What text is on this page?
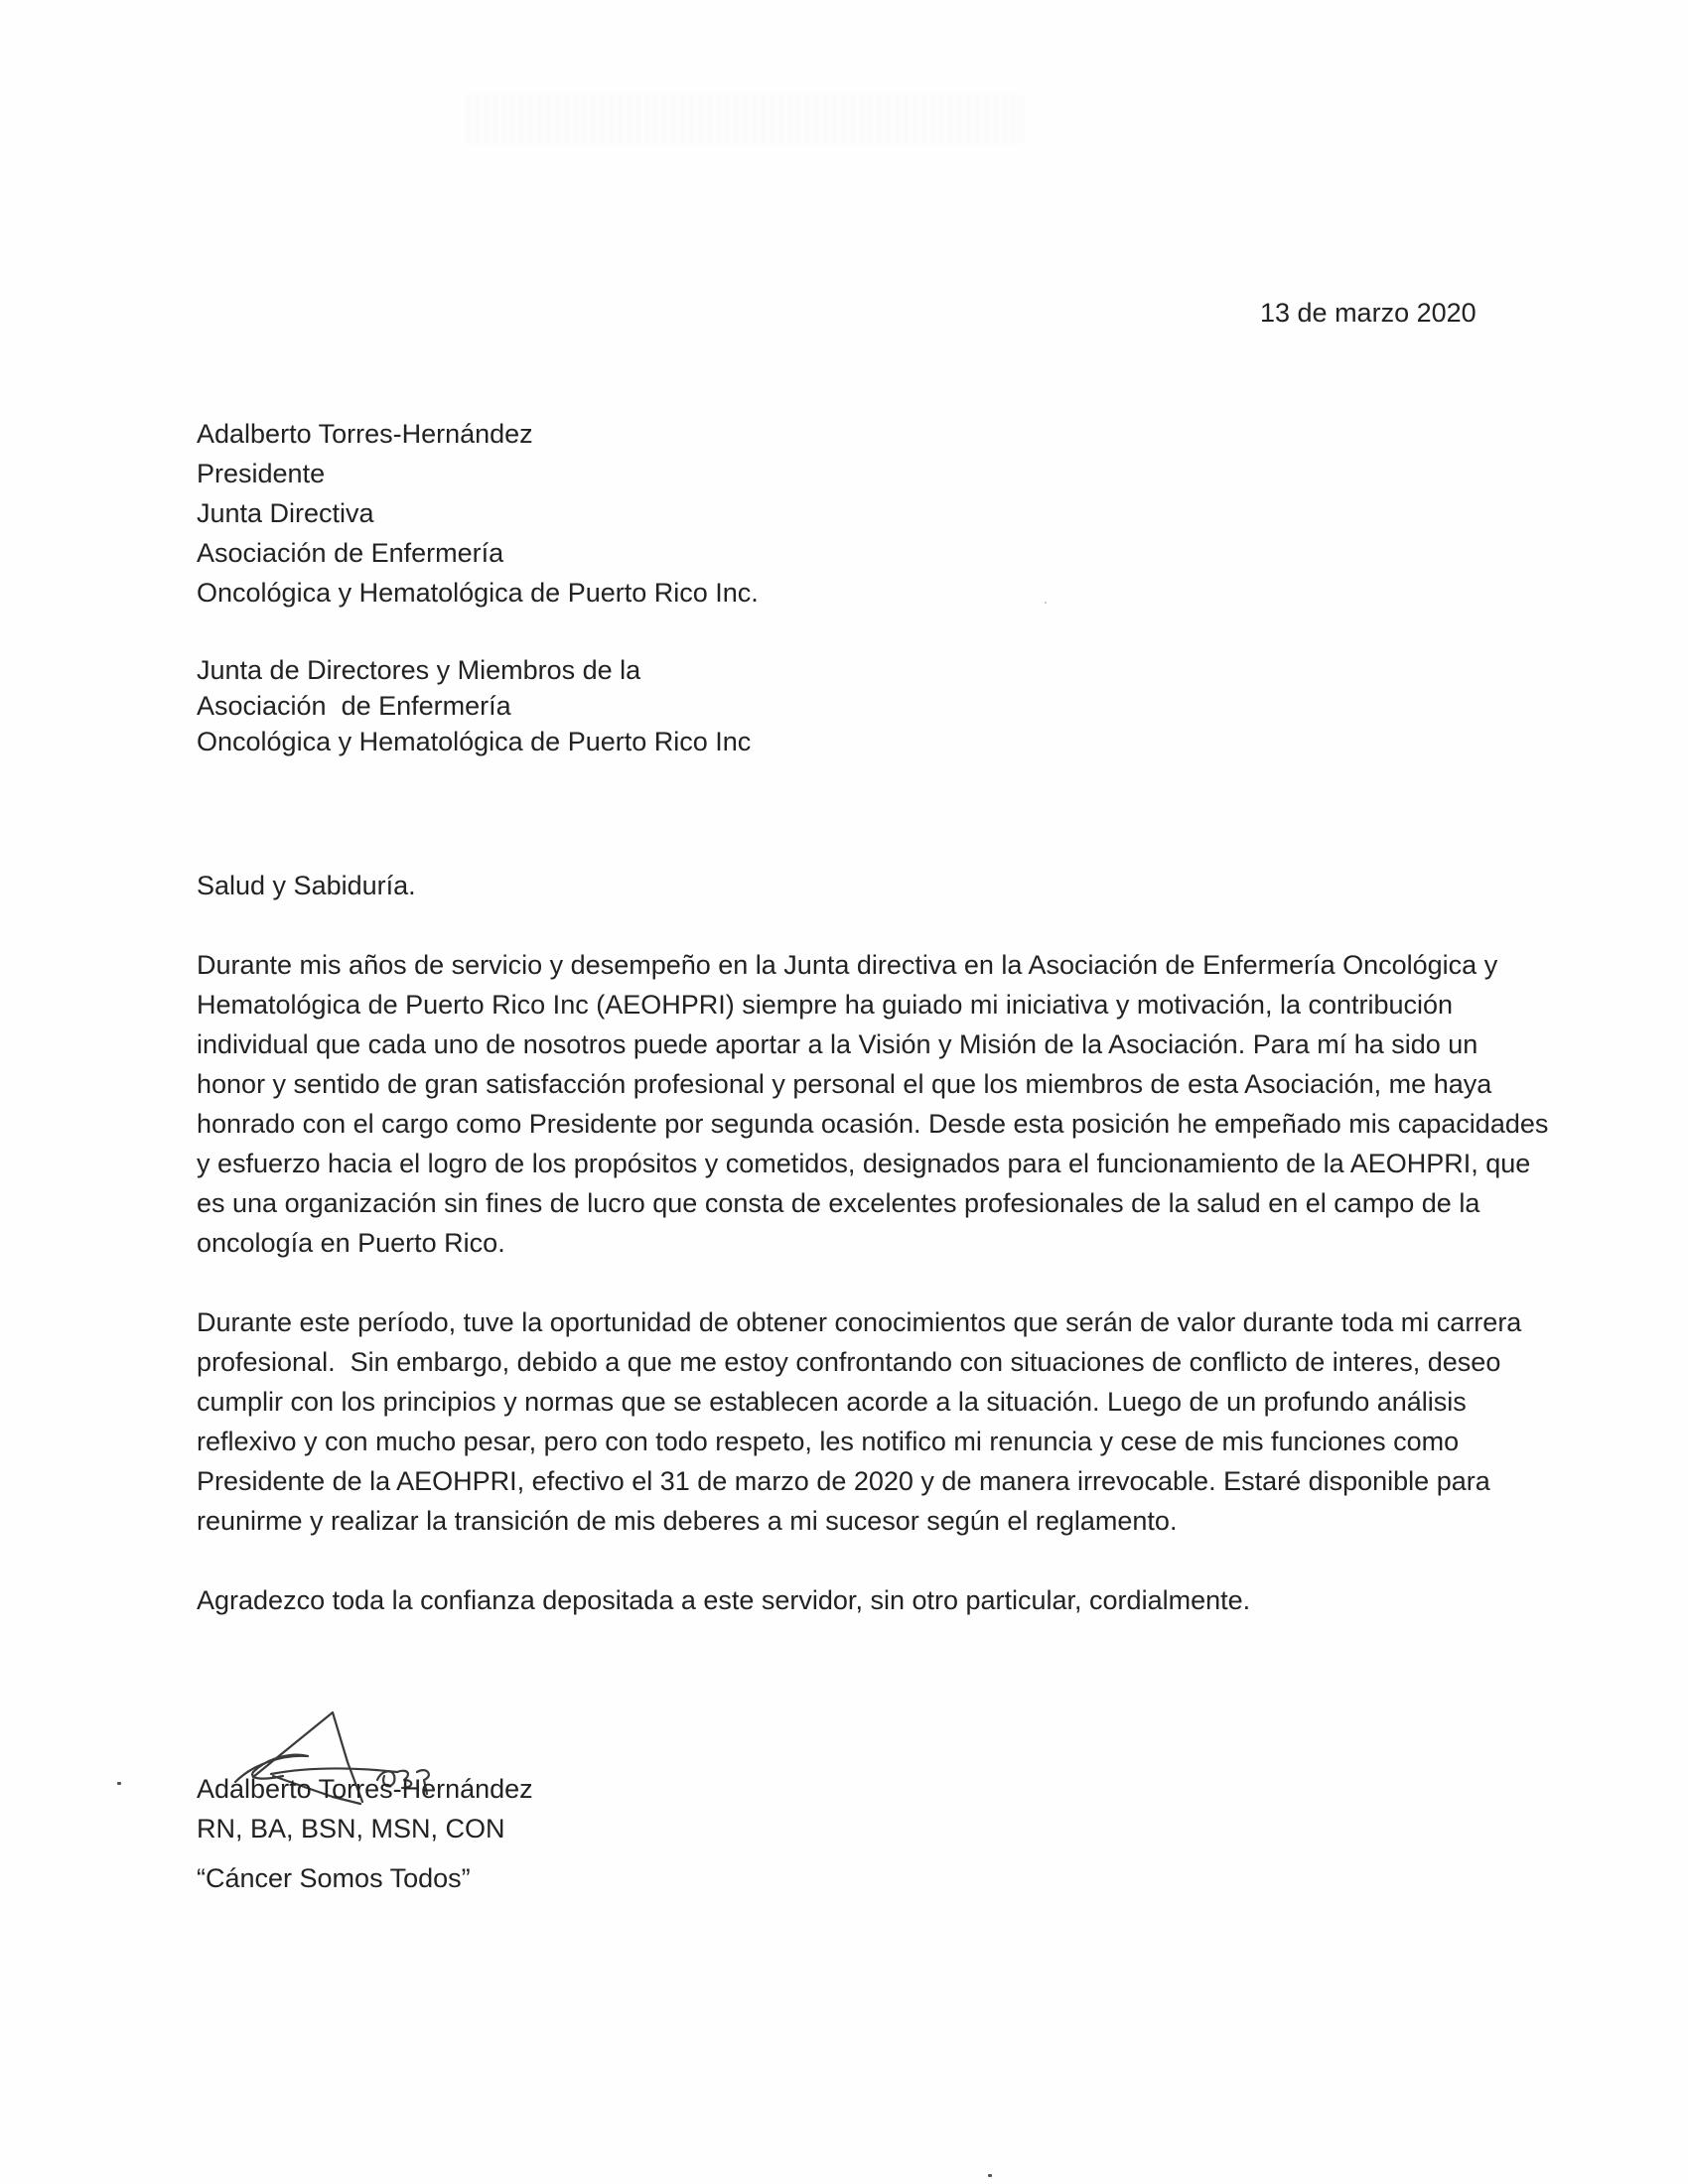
13 de marzo 2020
Adalberto Torres-Hernández
Presidente
Junta Directiva
Asociación de Enfermería
Oncológica y Hematológica de Puerto Rico Inc.
Junta de Directores y Miembros de la
Asociación  de Enfermería
Oncológica y Hematológica de Puerto Rico Inc
Salud y Sabiduría.
Durante mis años de servicio y desempeño en la Junta directiva en la Asociación de Enfermería Oncológica y
Hematológica de Puerto Rico Inc (AEOHPRI) siempre ha guiado mi iniciativa y motivación, la contribución
individual que cada uno de nosotros puede aportar a la Visión y Misión de la Asociación. Para mí ha sido un
honor y sentido de gran satisfacción profesional y personal el que los miembros de esta Asociación, me haya
honrado con el cargo como Presidente por segunda ocasión. Desde esta posición he empeñado mis capacidades
y esfuerzo hacia el logro de los propósitos y cometidos, designados para el funcionamiento de la AEOHPRI, que
es una organización sin fines de lucro que consta de excelentes profesionales de la salud en el campo de la
oncología en Puerto Rico.
Durante este período, tuve la oportunidad de obtener conocimientos que serán de valor durante toda mi carrera
profesional.  Sin embargo, debido a que me estoy confrontando con situaciones de conflicto de interes, deseo
cumplir con los principios y normas que se establecen acorde a la situación. Luego de un profundo análisis
reflexivo y con mucho pesar, pero con todo respeto, les notifico mi renuncia y cese de mis funciones como
Presidente de la AEOHPRI, efectivo el 31 de marzo de 2020 y de manera irrevocable. Estaré disponible para
reunirme y realizar la transición de mis deberes a mi sucesor según el reglamento.
Agradezco toda la confianza depositada a este servidor, sin otro particular, cordialmente.
Adalberto Torres-Hernández
RN, BA, BSN, MSN, CON
“Cáncer Somos Todos”
